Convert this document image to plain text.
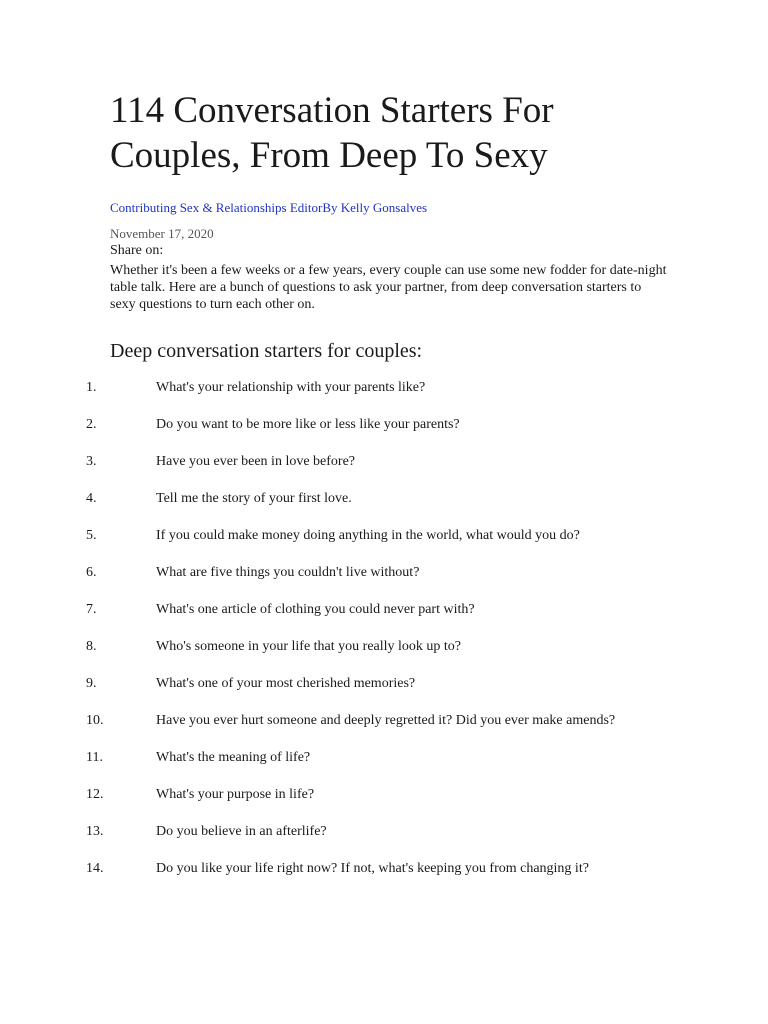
114 Conversation Starters For Couples, From Deep To Sexy
Contributing Sex & Relationships EditorBy Kelly Gonsalves
November 17, 2020
Share on:
Whether it's been a few weeks or a few years, every couple can use some new fodder for date-night table talk. Here are a bunch of questions to ask your partner, from deep conversation starters to sexy questions to turn each other on.
Deep conversation starters for couples:
1.	What's your relationship with your parents like?
2.	Do you want to be more like or less like your parents?
3.	Have you ever been in love before?
4.	Tell me the story of your first love.
5.	If you could make money doing anything in the world, what would you do?
6.	What are five things you couldn't live without?
7.	What's one article of clothing you could never part with?
8.	Who's someone in your life that you really look up to?
9.	What's one of your most cherished memories?
10.	Have you ever hurt someone and deeply regretted it? Did you ever make amends?
11.	What's the meaning of life?
12.	What's your purpose in life?
13.	Do you believe in an afterlife?
14.	Do you like your life right now? If not, what's keeping you from changing it?
